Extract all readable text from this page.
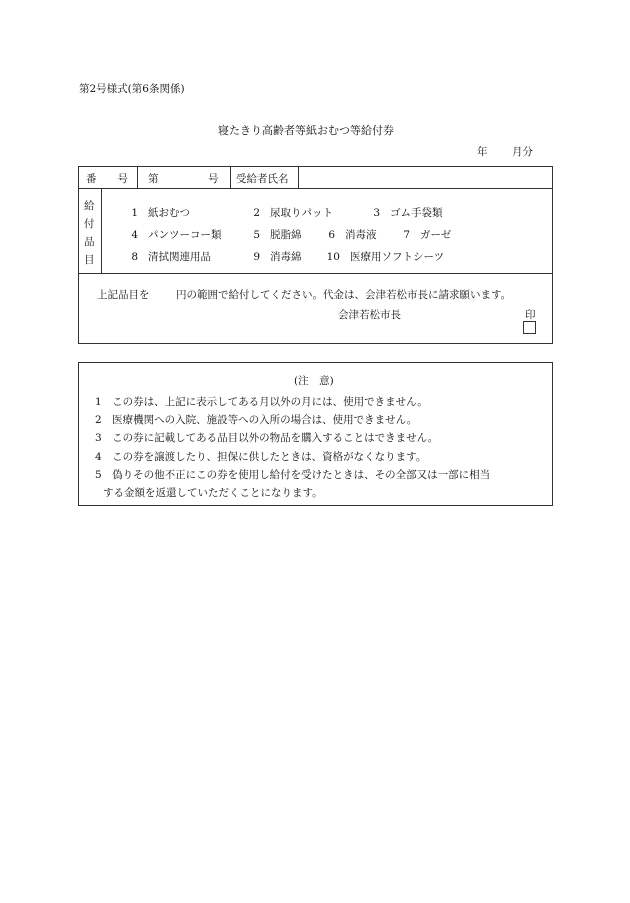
第2号様式(第6条関係)
寝たきり高齢者等紙おむつ等給付券
年 月分
番　　号 第	号 受給者氏名
給
付
品
目
1 紙おむつ	2 尿取りパット	3 ゴム手袋類
4 パンツーコー類	5 脱脂綿	6 消毒液	7 ガーゼ
8 清拭関連用品	9 消毒綿 10 医療用ソフトシーツ
上記品目を	円の範囲で給付してください。代金は、会津若松市長に請求願います。
会津若松市長	印
(注　意)
1　この券は、上記に表示してある月以外の月には、使用できません。
2　医療機関への入院、施設等への入所の場合は、使用できません。
3　この券に記載してある品目以外の物品を購入することはできません。
4　この券を譲渡したり、担保に供したときは、資格がなくなります。
5　偽りその他不正にこの券を使用し給付を受けたときは、その全部又は一部に相当
する金額を返還していただくことになります。
